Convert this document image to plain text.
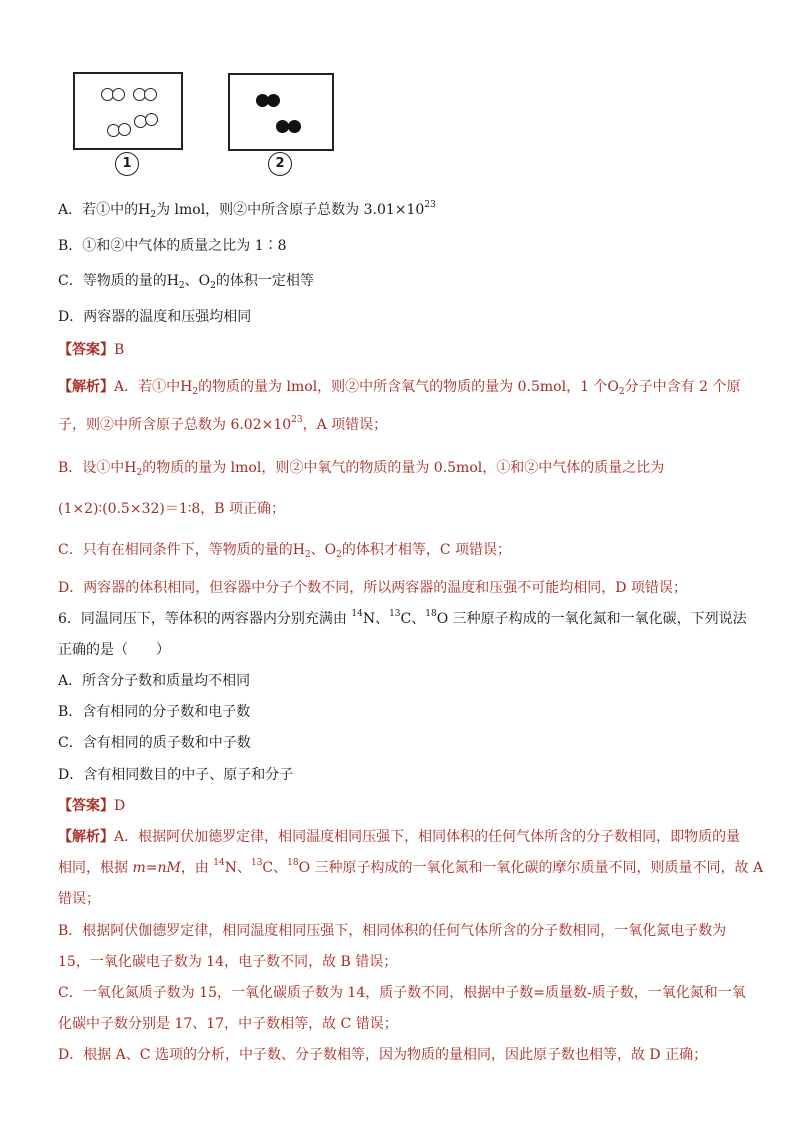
1	2
A．若①中的$H_2$为 lmol，则②中所含原子总数为 $3.01\times 10^{23}$
B．①和②中气体的质量之比为 1∶8
C．等物质的量的$H_2$、$O_2$的体积一定相等
D．两容器的温度和压强均相同
【答案】B
【解析】A．若①中$H_2$的物质的量为 lmol，则②中所含氧气的物质的量为 0.5mol，1 个$O_2$分子中含有 2 个原
子，则②中所含原子总数为 $6.02\times 10^{23}$，A 项错误；
B．设①中$H_2$的物质的量为 lmol，则②中氧气的物质的量为 0.5mol，①和②中气体的质量之比为
(1×2)∶(0.5×32)＝1∶8，B 项正确；
C．只有在相同条件下，等物质的量的$H_2$、$O_2$的体积才相等，C 项错误；
D．两容器的体积相同，但容器中分子个数不同，所以两容器的温度和压强不可能均相同，D 项错误；
6．同温同压下，等体积的两容器内分别充满由 $^{14}$N、$^{13}$C、$^{18}$O 三种原子构成的一氧化氮和一氧化碳，下列说法
正确的是（　　）
A．所含分子数和质量均不相同
B．含有相同的分子数和电子数
C．含有相同的质子数和中子数
D．含有相同数目的中子、原子和分子
【答案】D
【解析】A．根据阿伏加德罗定律，相同温度相同压强下，相同体积的任何气体所含的分子数相同，即物质的量
相同，根据 m=nM，由 $^{14}$N、$^{13}$C、$^{18}$O 三种原子构成的一氧化氮和一氧化碳的摩尔质量不同，则质量不同，故 A
错误；
B．根据阿伏伽德罗定律，相同温度相同压强下，相同体积的任何气体所含的分子数相同，一氧化氮电子数为
15，一氧化碳电子数为 14，电子数不同，故 B 错误；
C．一氧化氮质子数为 15，一氧化碳质子数为 14，质子数不同，根据中子数=质量数-质子数，一氧化氮和一氧
化碳中子数分别是 17、17，中子数相等，故 C 错误；
D．根据 A、C 选项的分析，中子数、分子数相等，因为物质的量相同，因此原子数也相等，故 D 正确；
